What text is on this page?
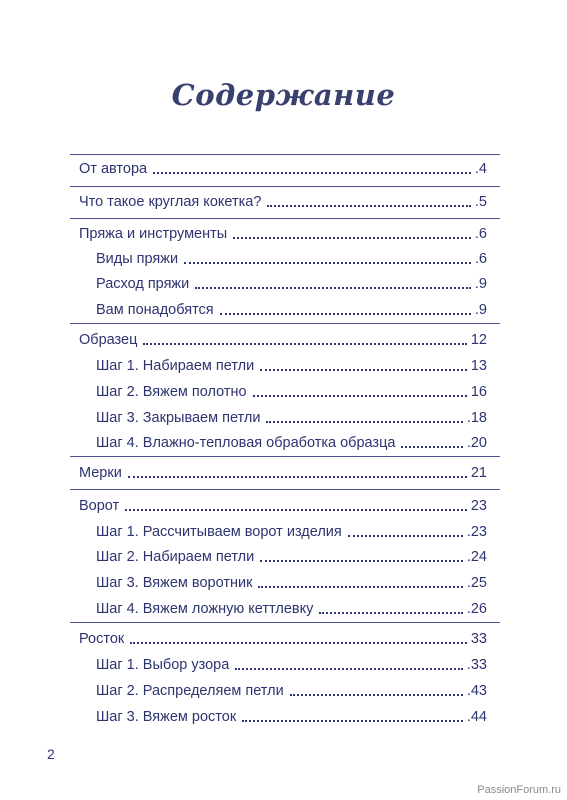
Содержание
От автора	.4
Что такое круглая кокетка?	.5
Пряжа и инструменты	.6
Виды пряжи	.6
Расход пряжи	.9
Вам понадобятся	.9
Образец	12
Шаг 1. Набираем петли	13
Шаг 2. Вяжем полотно	16
Шаг 3. Закрываем петли	.18
Шаг 4. Влажно-тепловая обработка образца	.20
Мерки	21
Ворот	23
Шаг 1. Рассчитываем ворот изделия	.23
Шаг 2. Набираем петли	.24
Шаг 3. Вяжем воротник	.25
Шаг 4. Вяжем ложную кеттлевку	.26
Росток	33
Шаг 1. Выбор узора	.33
Шаг 2. Распределяем петли	.43
Шаг 3. Вяжем росток	.44
2
PassionForum.ru
